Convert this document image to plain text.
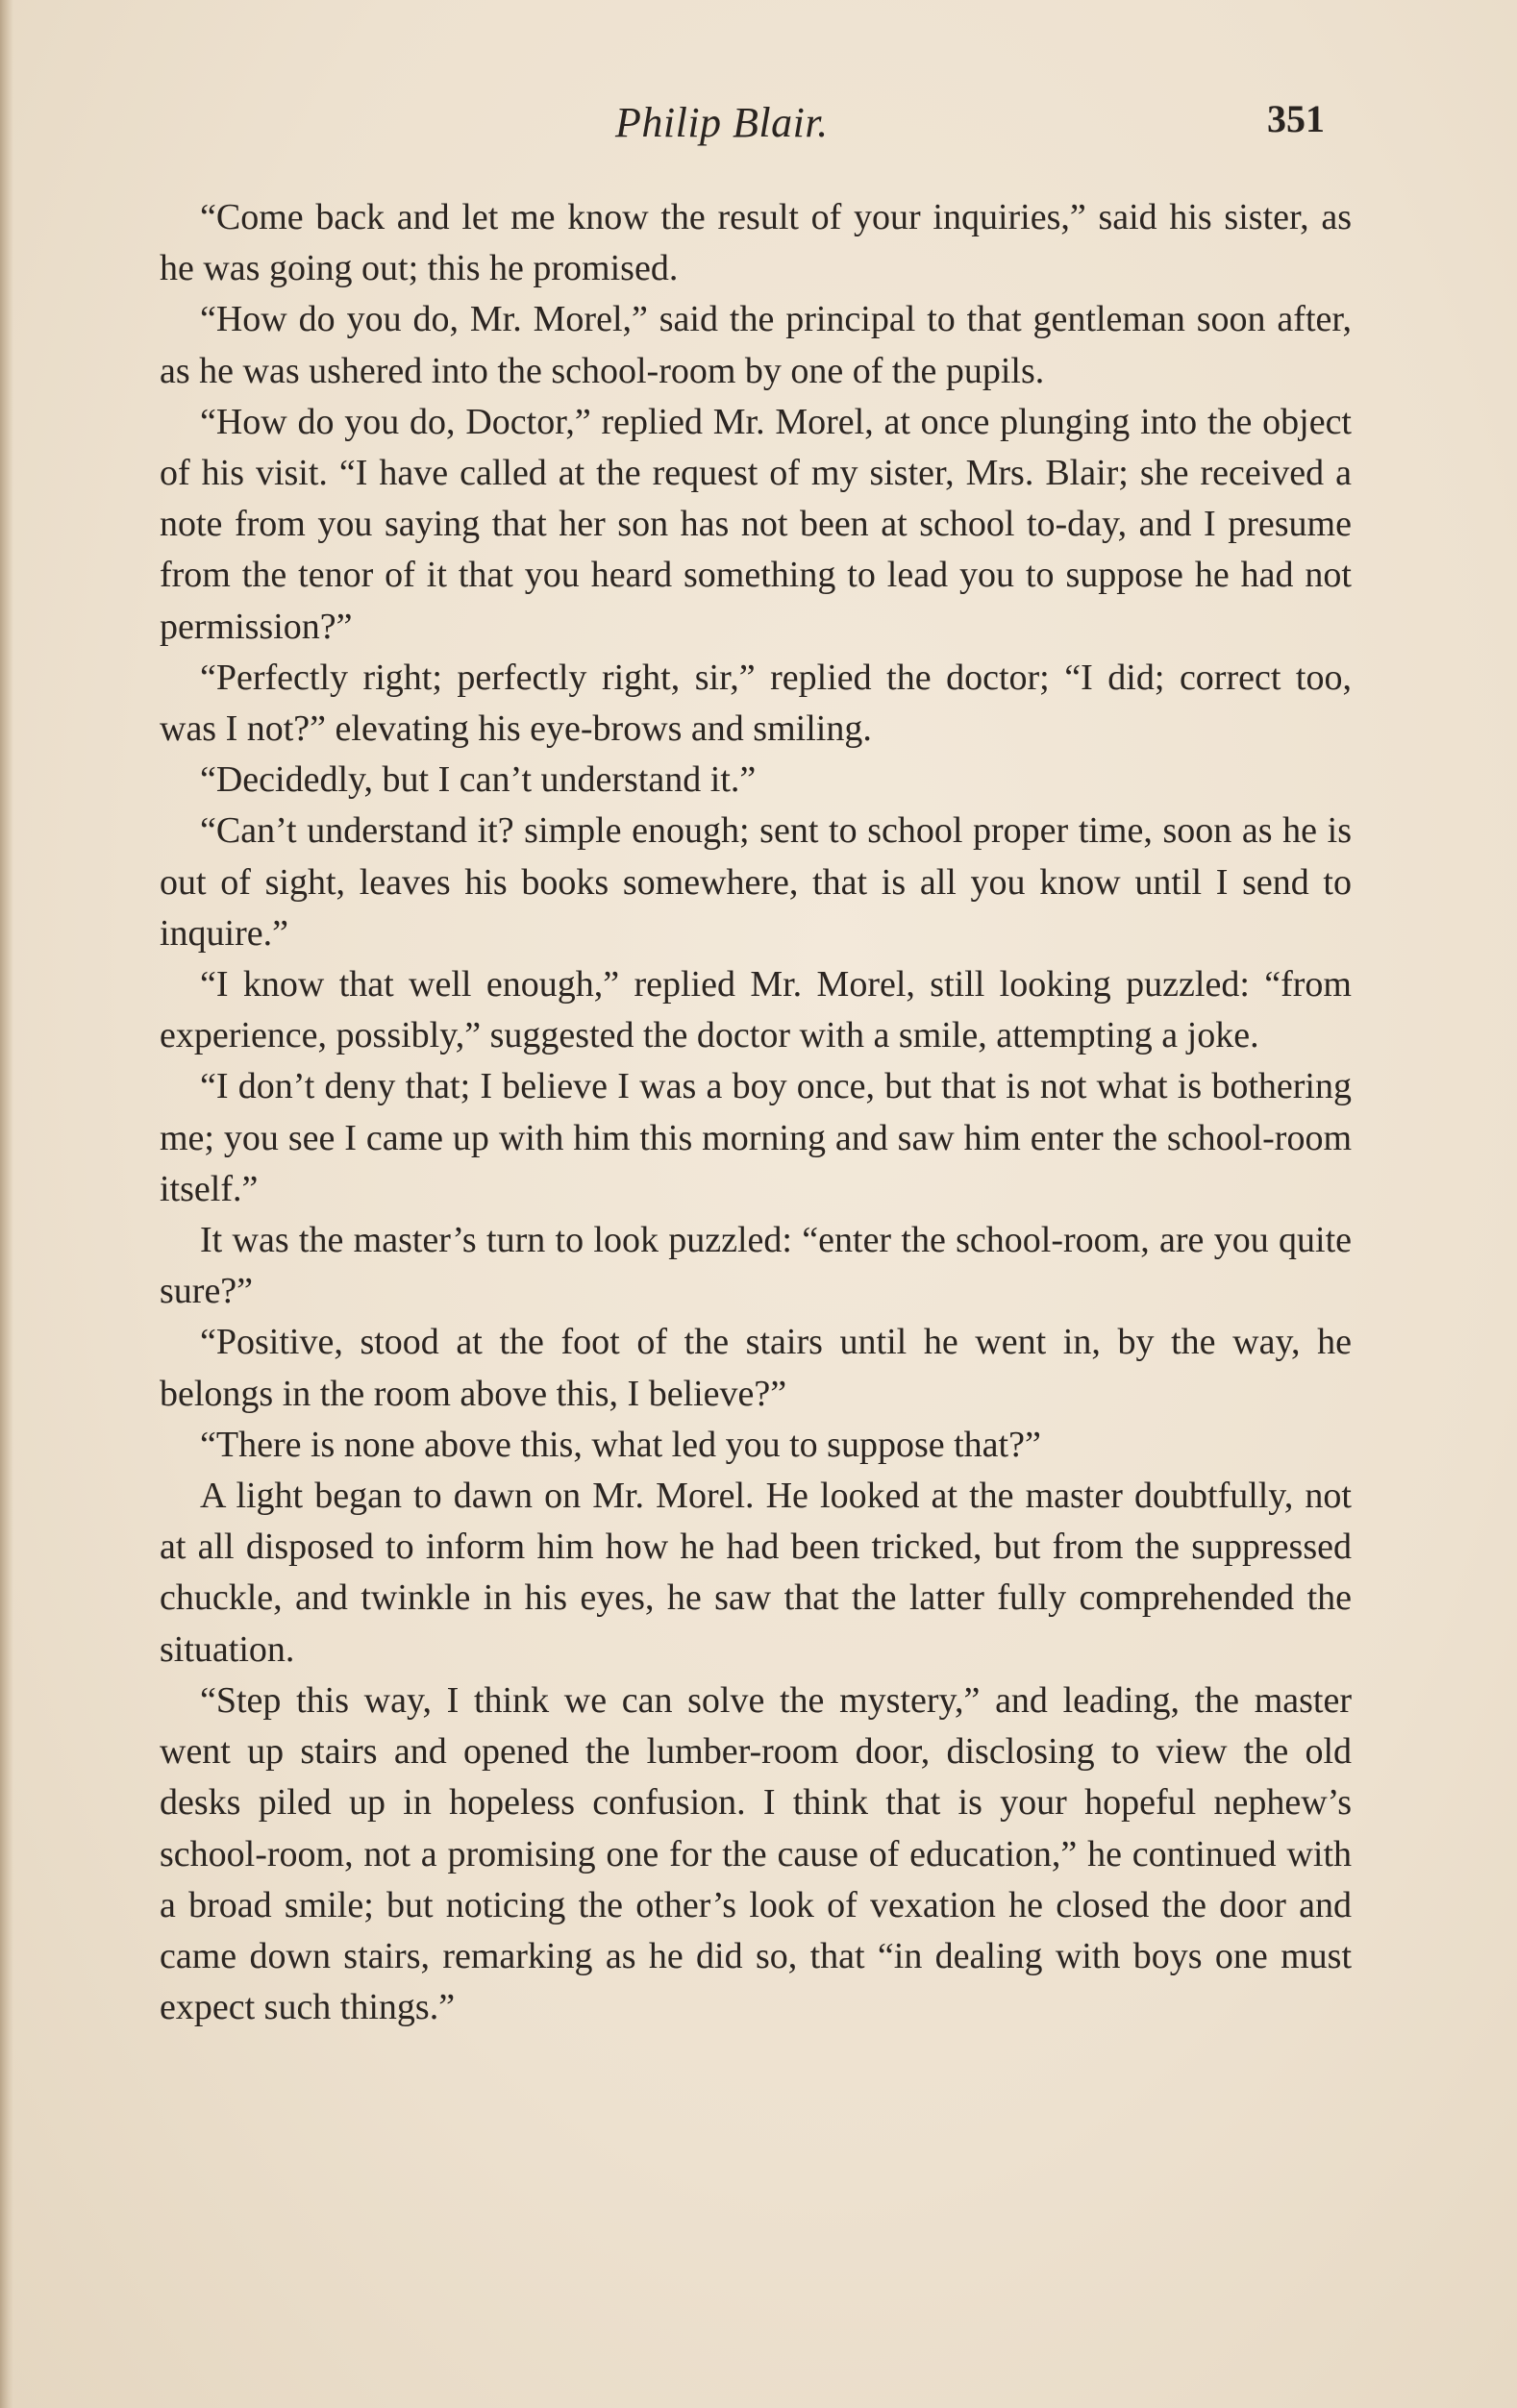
Philip Blair.	351

“Come back and let me know the result of your inquiries,” said his sister, as he was going out; this he promised.

“How do you do, Mr. Morel,” said the principal to that gentleman soon after, as he was ushered into the school-room by one of the pupils.

“How do you do, Doctor,” replied Mr. Morel, at once plunging into the object of his visit. “I have called at the request of my sister, Mrs. Blair; she received a note from you saying that her son has not been at school to-day, and I presume from the tenor of it that you heard something to lead you to suppose he had not permission?”

“Perfectly right; perfectly right, sir,” replied the doctor; “I did; correct too, was I not?” elevating his eye-brows and smiling.

“Decidedly, but I can’t understand it.”

“Can’t understand it? simple enough; sent to school proper time, soon as he is out of sight, leaves his books somewhere, that is all you know until I send to inquire.”

“I know that well enough,” replied Mr. Morel, still looking puzzled: “from experience, possibly,” suggested the doctor with a smile, attempting a joke.

“I don’t deny that; I believe I was a boy once, but that is not what is bothering me; you see I came up with him this morning and saw him enter the school-room itself.”

It was the master’s turn to look puzzled: “enter the school-room, are you quite sure?”

“Positive, stood at the foot of the stairs until he went in, by the way, he belongs in the room above this, I believe?”

“There is none above this, what led you to suppose that?”

A light began to dawn on Mr. Morel. He looked at the master doubtfully, not at all disposed to inform him how he had been tricked, but from the suppressed chuckle, and twinkle in his eyes, he saw that the latter fully comprehended the situation.

“Step this way, I think we can solve the mystery,” and leading, the master went up stairs and opened the lumber-room door, disclosing to view the old desks piled up in hopeless confusion. I think that is your hopeful nephew’s school-room, not a promising one for the cause of education,” he continued with a broad smile; but noticing the other’s look of vexation he closed the door and came down stairs, remarking as he did so, that “in dealing with boys one must expect such things.”
